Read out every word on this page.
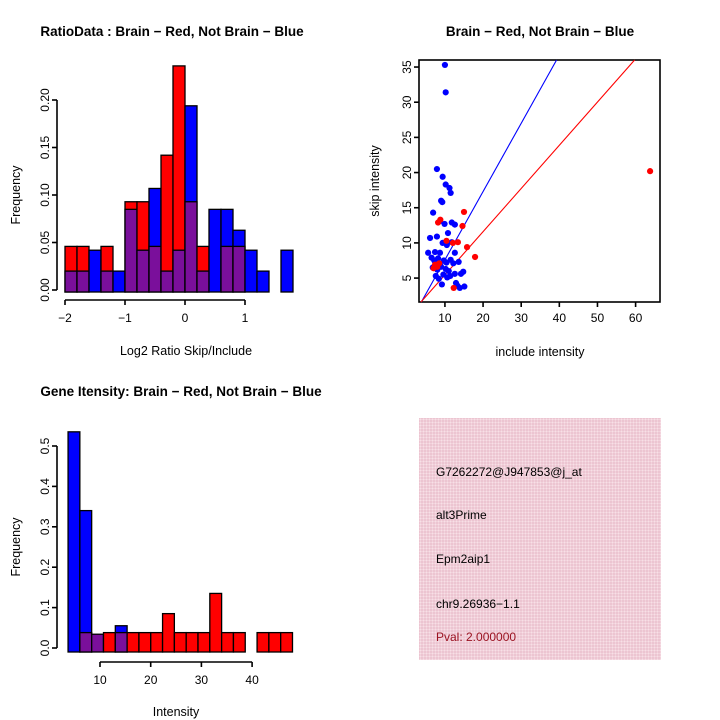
RatioData : Brain − Red, Not Brain − Blue
0.00
0.05
0.10
0.15
0.20
−2	−1	0	1
Frequency
Log2 Ratio Skip/Include
Brain − Red, Not Brain − Blue
5
10
15
20
25
30
35
10 20 30 40 50 60
skip intensity
include intensity
Gene Itensity: Brain − Red, Not Brain − Blue
0.0
0.1
0.2
0.3
0.4
0.5
10	20	30	40
Frequency
Intensity
G7262272@J947853@j_at
alt3Prime
Epm2aip1
chr9.26936−1.1
Pval: 2.000000
